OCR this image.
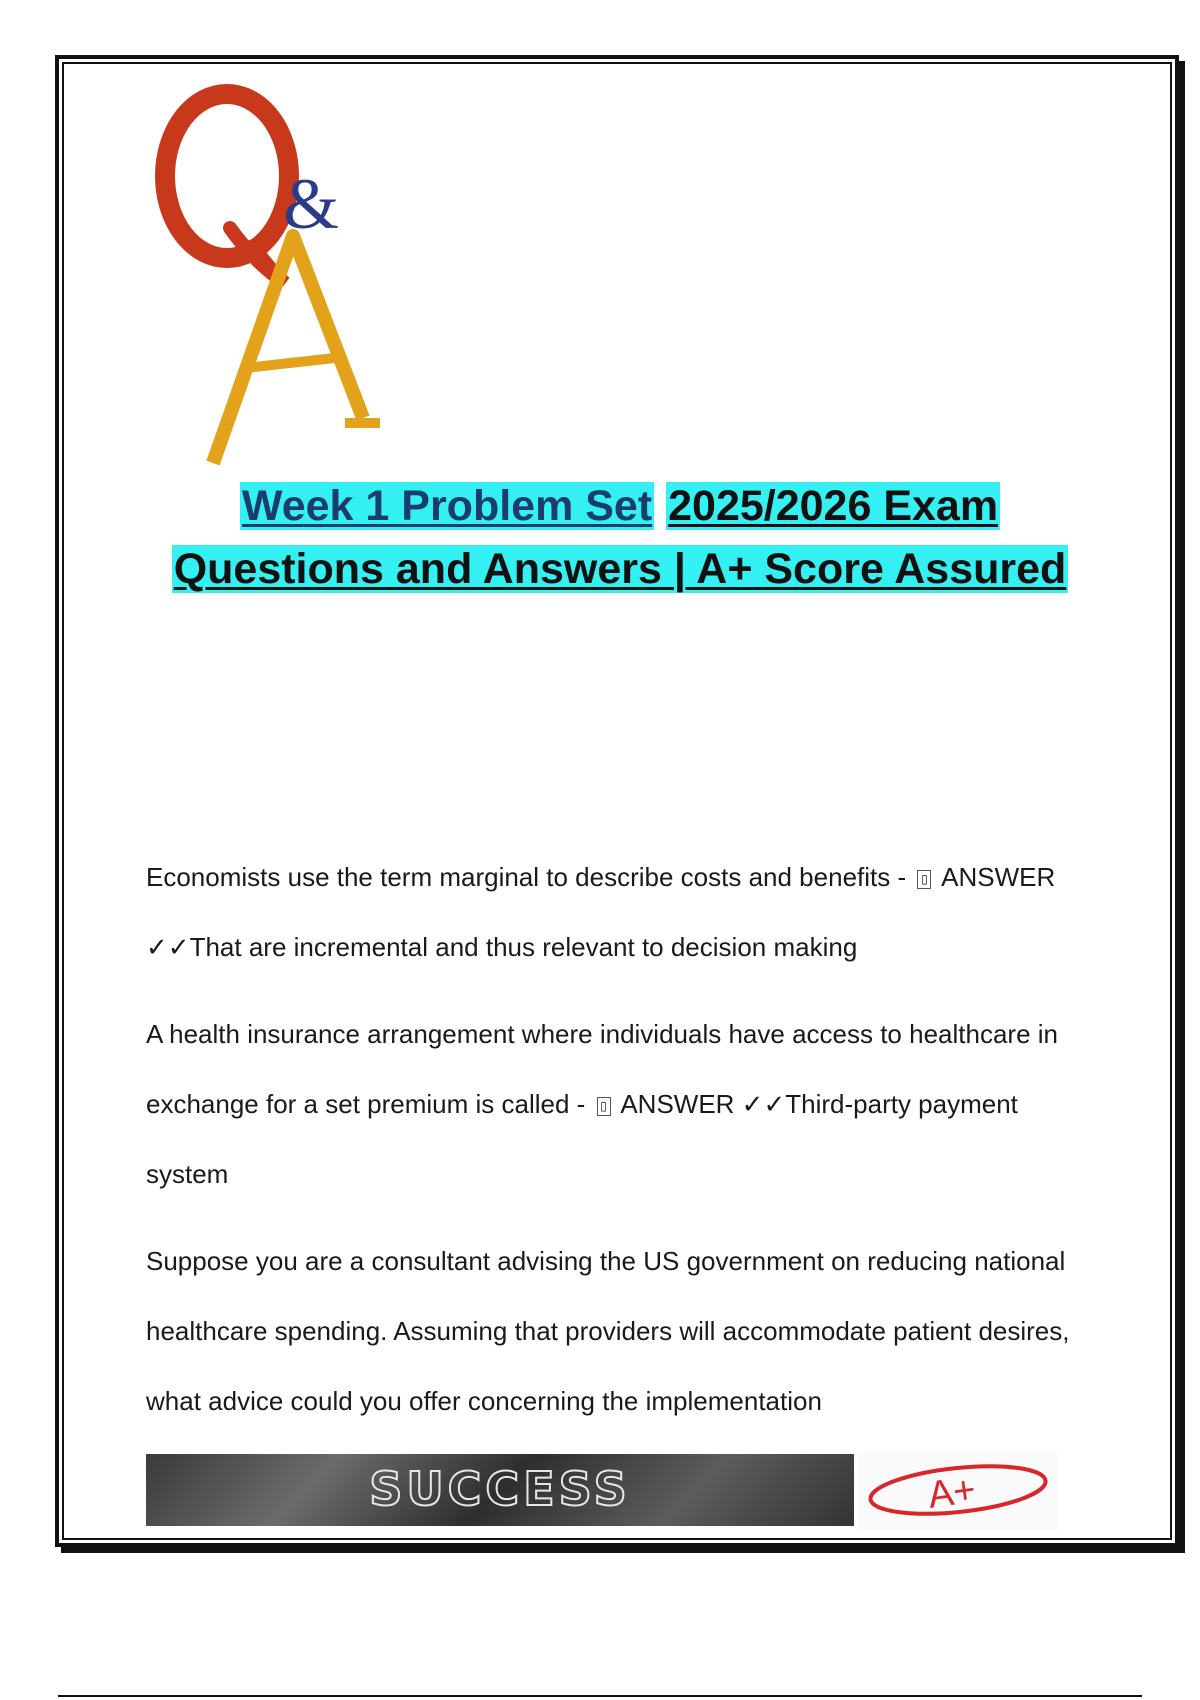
&
Week 1 Problem Set 2025/2026 Exam Questions and Answers | A+ Score Assured

Economists use the term marginal to describe costs and benefits - ▯ ANSWER ✓✓That are incremental and thus relevant to decision making

A health insurance arrangement where individuals have access to healthcare in exchange for a set premium is called - ▯ ANSWER ✓✓Third-party payment system

Suppose you are a consultant advising the US government on reducing national healthcare spending. Assuming that providers will accommodate patient desires, what advice could you offer concerning the implementation

SUCCESS	A+
